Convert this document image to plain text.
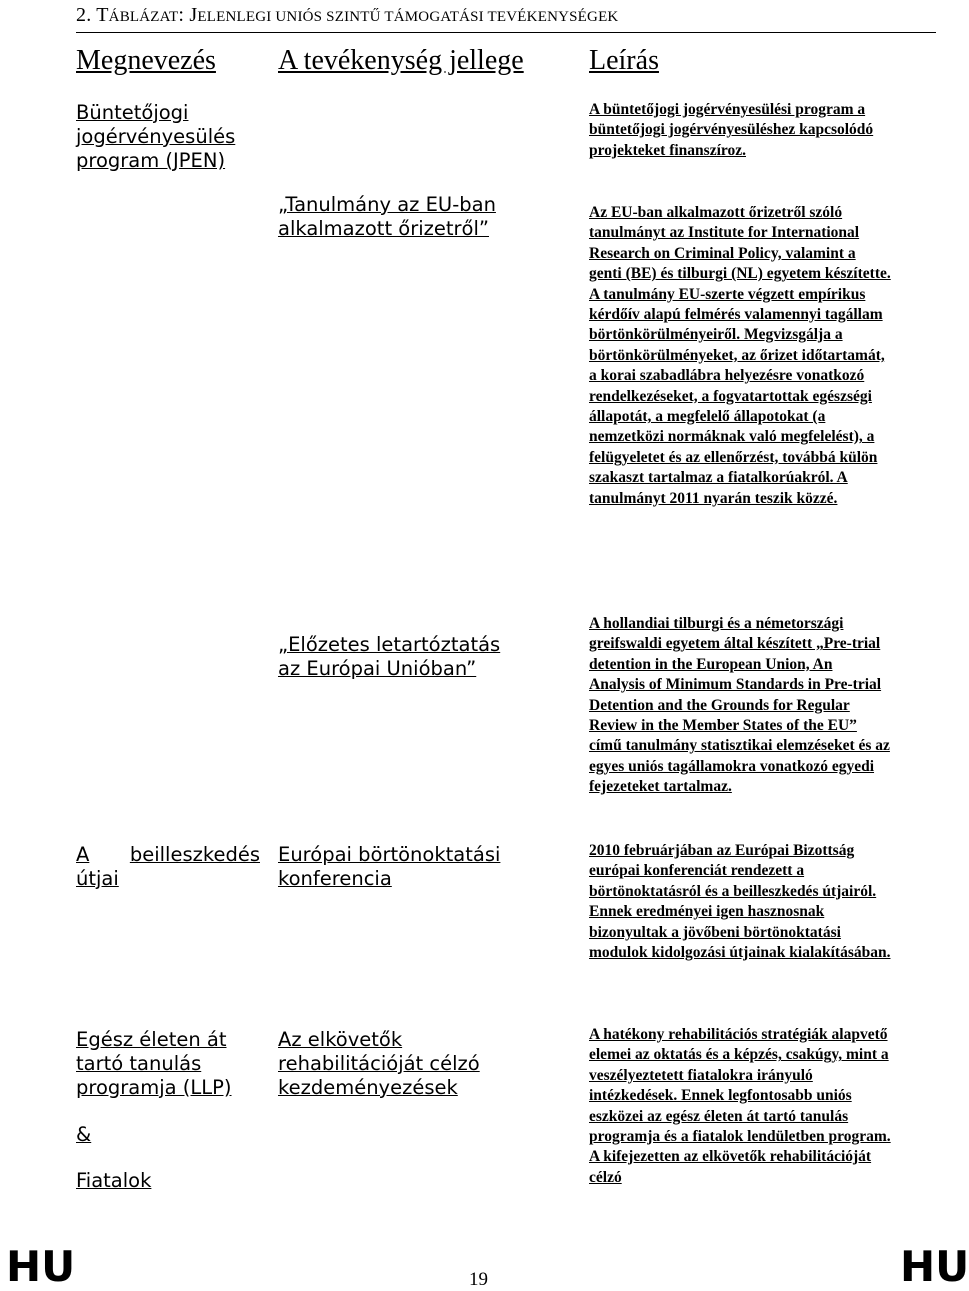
2. TÁBLÁZAT: JELENLEGI UNIÓS SZINTŰ TÁMOGATÁSI TEVÉKENYSÉGEK
Megnevezés A tevékenység jellege Leírás
Büntetőjogi jogérvényesülés program (JPEN)
A büntetőjogi jogérvényesülési program a büntetőjogi jogérvényesüléshez kapcsolódó projekteket finanszíroz.
„Tanulmány az EU-ban alkalmazott őrizetről”
Az EU-ban alkalmazott őrizetről szóló tanulmányt az Institute for International Research on Criminal Policy, valamint a genti (BE) és tilburgi (NL) egyetem készítette. A tanulmány EU-szerte végzett empírikus kérdőív alapú felmérés valamennyi tagállam börtönkörülményeiről. Megvizsgálja a börtönkörülményeket, az őrizet időtartamát, a korai szabadlábra helyezésre vonatkozó rendelkezéseket, a fogvatartottak egészségi állapotát, a megfelelő állapotokat (a nemzetközi normáknak való megfelelést), a felügyeletet és az ellenőrzést, továbbá külön szakaszt tartalmaz a fiatalkorúakról. A tanulmányt 2011 nyarán teszik közzé.
„Előzetes letartóztatás az Európai Unióban”
A hollandiai tilburgi és a németországi greifswaldi egyetem által készített „Pre-trial detention in the European Union, An Analysis of Minimum Standards in Pre-trial Detention and the Grounds for Regular Review in the Member States of the EU” című tanulmány statisztikai elemzéseket és az egyes uniós tagállamokra vonatkozó egyedi fejezeteket tartalmaz.
A beilleszkedés
útjai
Európai börtönoktatási konferencia
2010 februárjában az Európai Bizottság európai konferenciát rendezett a börtönoktatásról és a beilleszkedés útjairól. Ennek eredményei igen hasznosnak bizonyultak a jövőbeni börtönoktatási modulok kidolgozási útjainak kialakításában.
Egész életen át tartó tanulás programja (LLP)
&
Fiatalok
Az elkövetők rehabilitációját célzó kezdeményezések
A hatékony rehabilitációs stratégiák alapvető elemei az oktatás és a képzés, csakúgy, mint a veszélyeztetett fiatalokra irányuló intézkedések. Ennek legfontosabb uniós eszközei az egész életen át tartó tanulás programja és a fiatalok lendületben program. A kifejezetten az elkövetők rehabilitációját célzó
HU	19	HU
